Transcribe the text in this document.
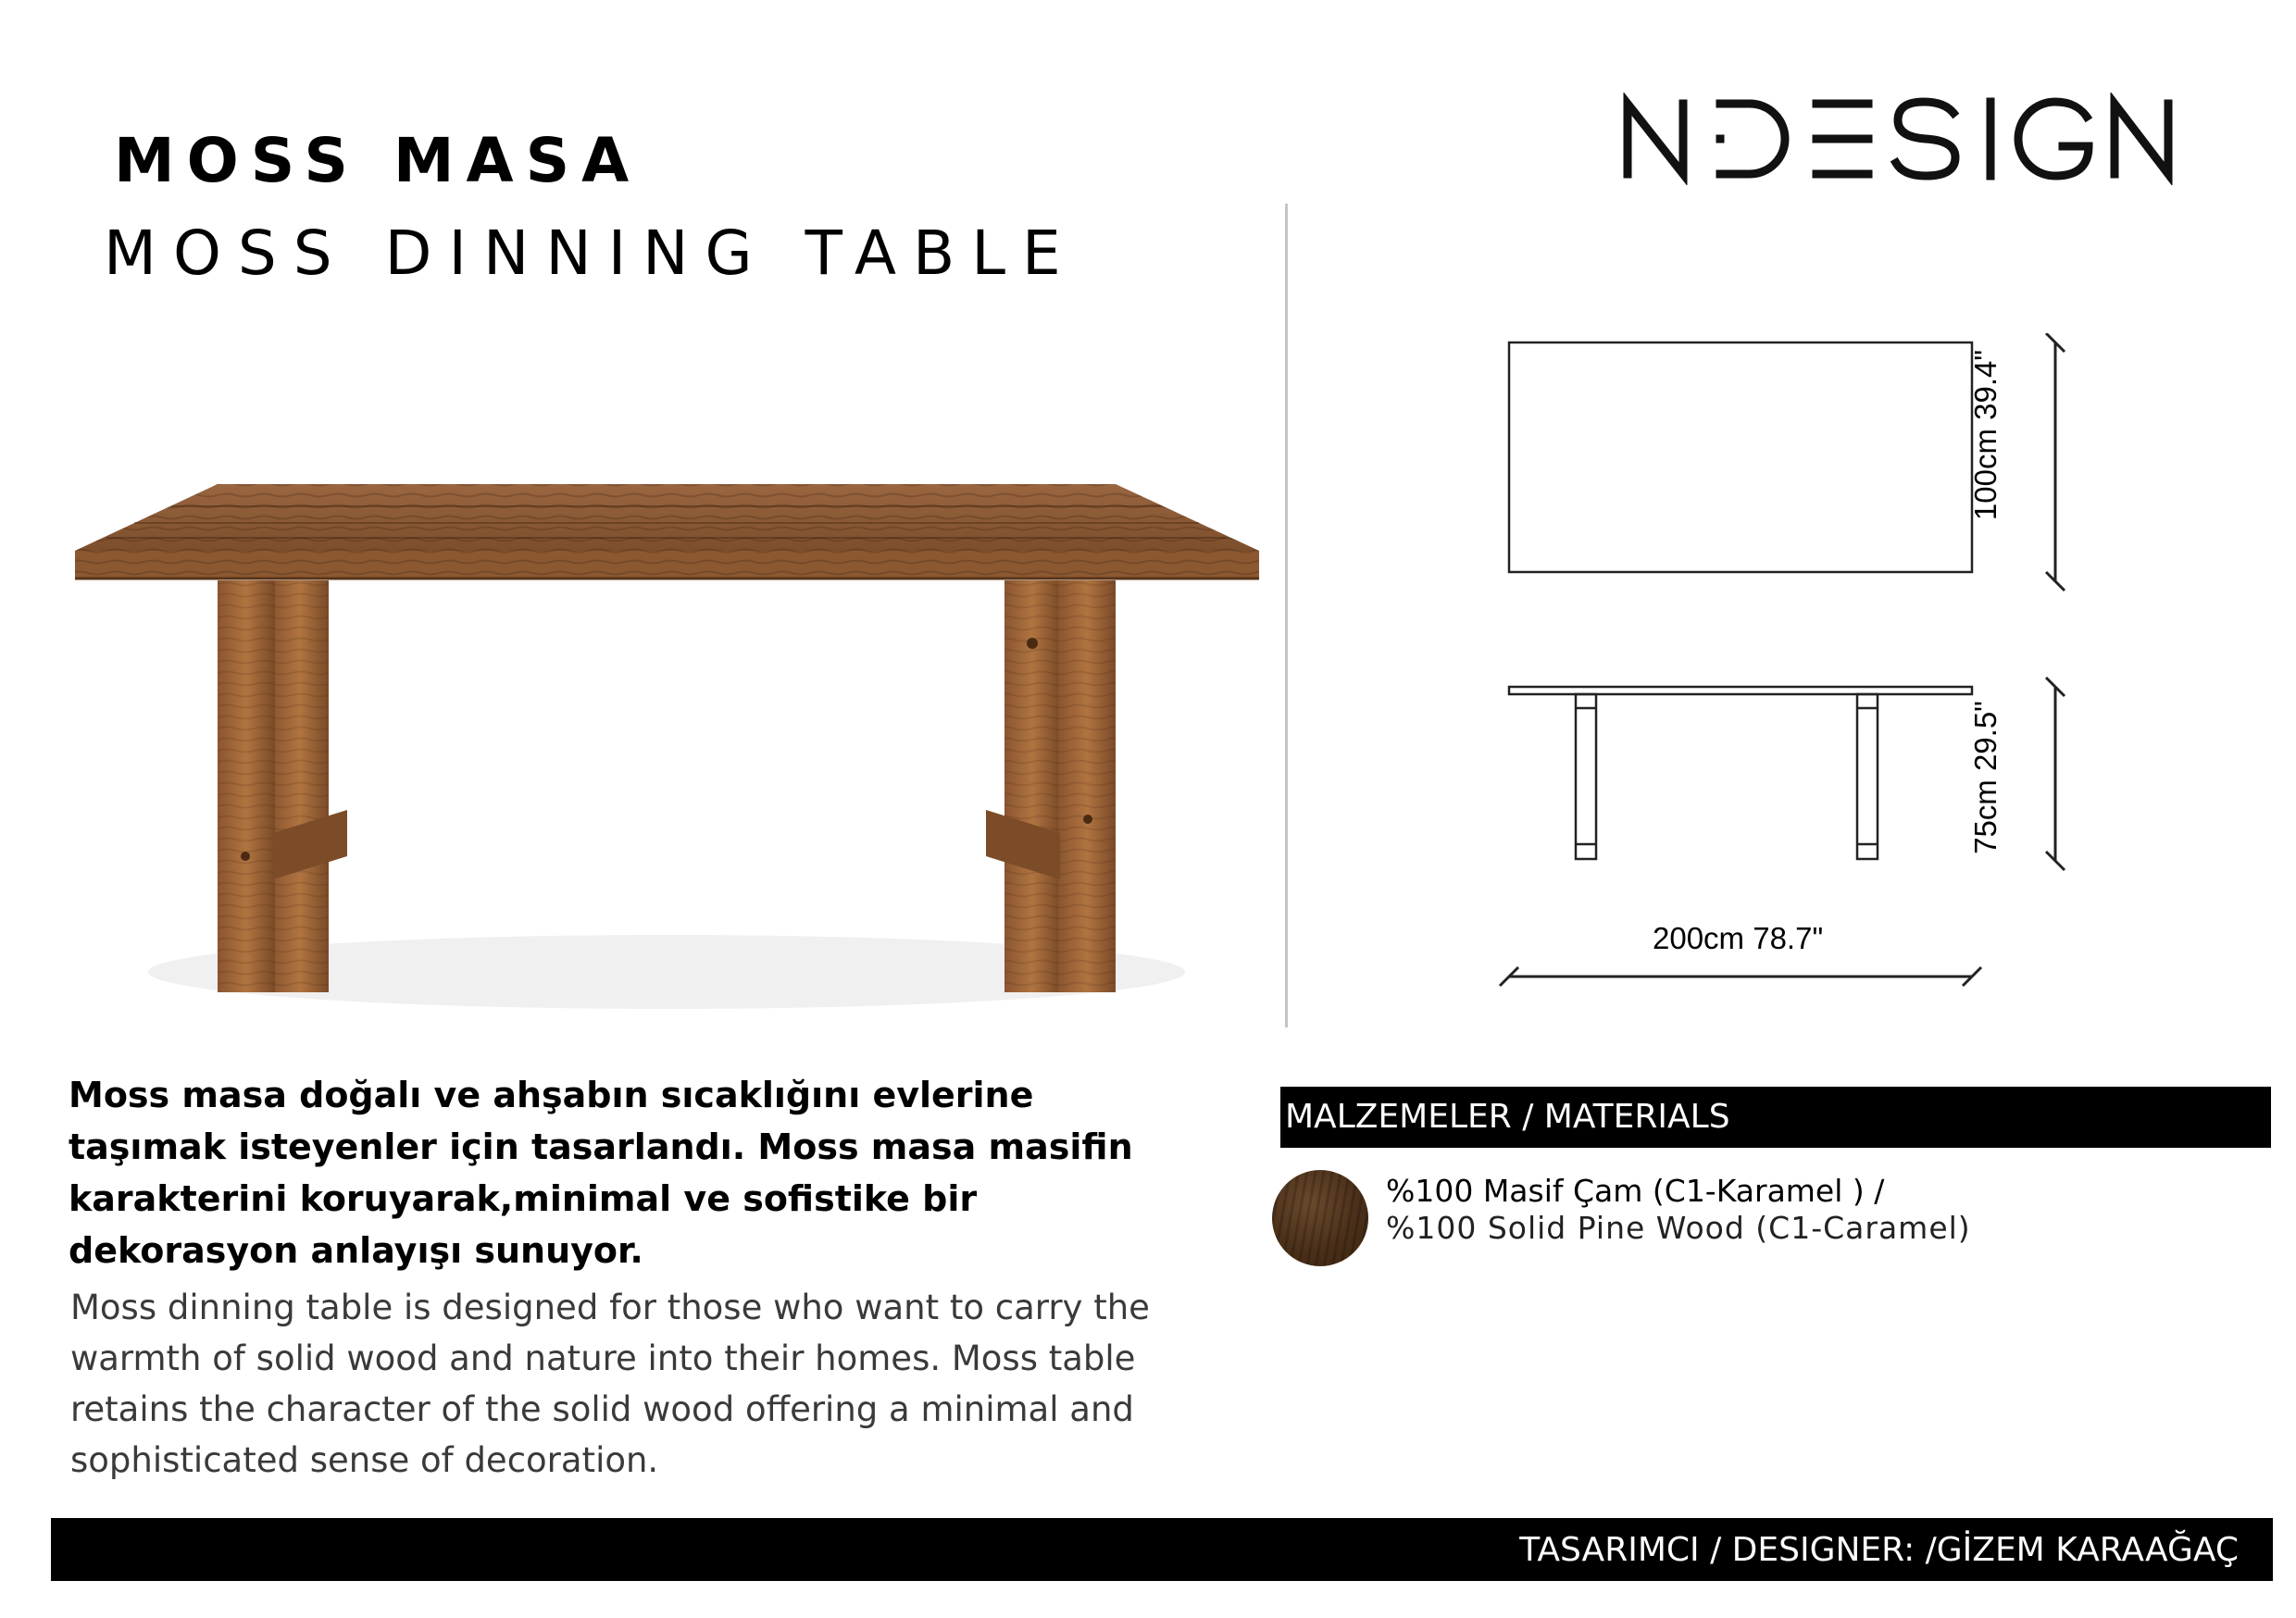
MOSS MASA
MOSS DINNING TABLE
100cm 39.4"
75cm 29.5"
200cm 78.7"
Moss masa doğalı ve ahşabın sıcaklığını evlerine taşımak isteyenler için tasarlandı. Moss masa masifin karakterini koruyarak,minimal ve sofistike bir dekorasyon anlayışı sunuyor.
Moss dinning table is designed for those who want to carry the warmth of solid wood and nature into their homes. Moss table retains the character of the solid wood offering a minimal and sophisticated sense of decoration.
MALZEMELER / MATERIALS
%100 Masif Çam (C1-Karamel ) /
%100 Solid Pine Wood (C1-Caramel)
TASARIMCI / DESIGNER: /GİZEM KARAAĞAÇ
